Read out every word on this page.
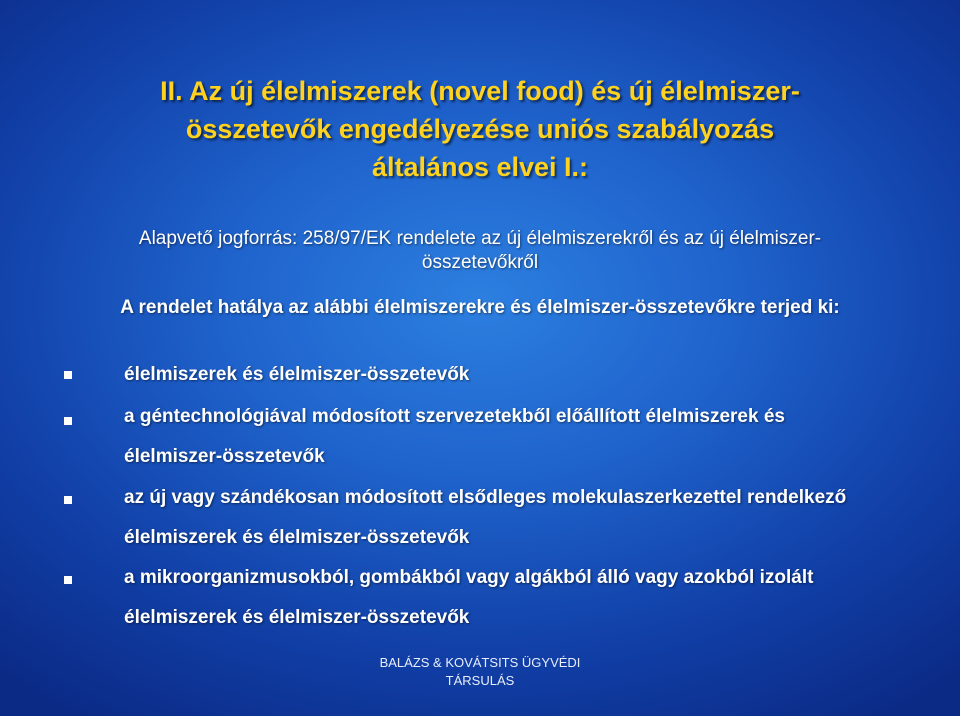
II. Az új élelmiszerek (novel food) és új élelmiszer-
összetevők engedélyezése uniós szabályozás
általános elvei I.:
Alapvető jogforrás: 258/97/EK rendelete az új élelmiszerekről és az új élelmiszer-
összetevőkről
A rendelet hatálya az alábbi élelmiszerekre és élelmiszer-összetevőkre terjed ki:
élelmiszerek és élelmiszer-összetevők
a géntechnológiával módosított szervezetekből előállított élelmiszerek és
élelmiszer-összetevők
az új vagy szándékosan módosított elsődleges molekulaszerkezettel rendelkező
élelmiszerek és élelmiszer-összetevők
a mikroorganizmusokból, gombákból vagy algákból álló vagy azokból izolált
élelmiszerek és élelmiszer-összetevők
BALÁZS & KOVÁTSITS ÜGYVÉDI
TÁRSULÁS
